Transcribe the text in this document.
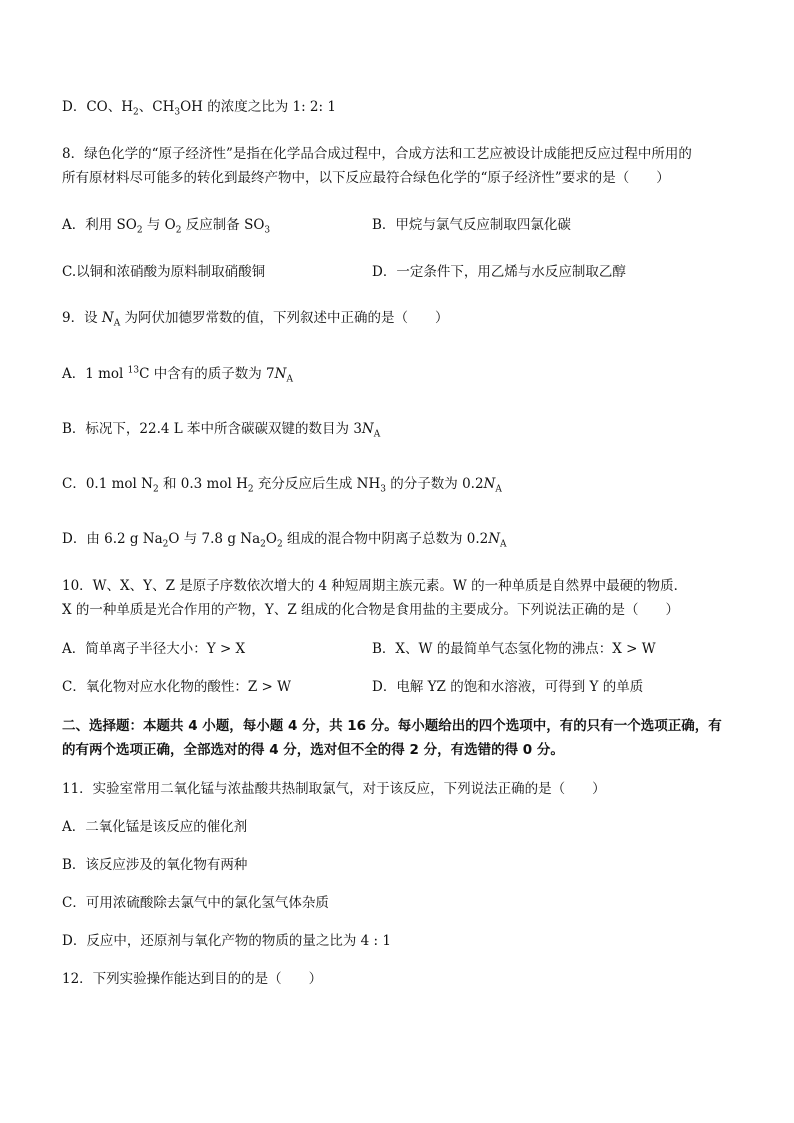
D．CO、$H_2$、$CH_3OH$ 的浓度之比为 1: 2: 1
8．绿色化学的“原子经济性”是指在化学品合成过程中，合成方法和工艺应被设计成能把反应过程中所用的
所有原材料尽可能多的转化到最终产物中，以下反应最符合绿色化学的“原子经济性”要求的是（　　）
A．利用 $SO_2$ 与 $O_2$ 反应制备 $SO_3$	B．甲烷与氯气反应制取四氯化碳
C.以铜和浓硝酸为原料制取硝酸铜	D．一定条件下，用乙烯与水反应制取乙醇
9．设 $N_A$ 为阿伏加德罗常数的值，下列叙述中正确的是（　　）
A．1 mol $^{13}$C 中含有的质子数为 $7N_A$
B．标况下，22.4 L 苯中所含碳碳双键的数目为 $3N_A$
C．0.1 mol $N_2$ 和 0.3 mol $H_2$ 充分反应后生成 $NH_3$ 的分子数为 $0.2N_A$
D．由 6.2 g $Na_2O$ 与 7.8 g $Na_2O_2$ 组成的混合物中阴离子总数为 $0.2N_A$
10．W、X、Y、Z 是原子序数依次增大的 4 种短周期主族元素。W 的一种单质是自然界中最硬的物质．
X 的一种单质是光合作用的产物，Y、Z 组成的化合物是食用盐的主要成分。下列说法正确的是（　　）
A．简单离子半径大小：Y > X	B．X、W 的最简单气态氢化物的沸点：X > W
C．氧化物对应水化物的酸性：Z > W	D．电解 YZ 的饱和水溶液，可得到 Y 的单质
二、选择题：本题共 4 小题，每小题 4 分，共 16 分。每小题给出的四个选项中，有的只有一个选项正确，有
的有两个选项正确，全部选对的得 4 分，选对但不全的得 2 分，有选错的得 0 分。
11．实验室常用二氧化锰与浓盐酸共热制取氯气，对于该反应，下列说法正确的是（　　）
A．二氧化锰是该反应的催化剂
B．该反应涉及的氧化物有两种
C．可用浓硫酸除去氯气中的氯化氢气体杂质
D．反应中，还原剂与氧化产物的物质的量之比为 4 : 1
12．下列实验操作能达到目的的是（　　）
